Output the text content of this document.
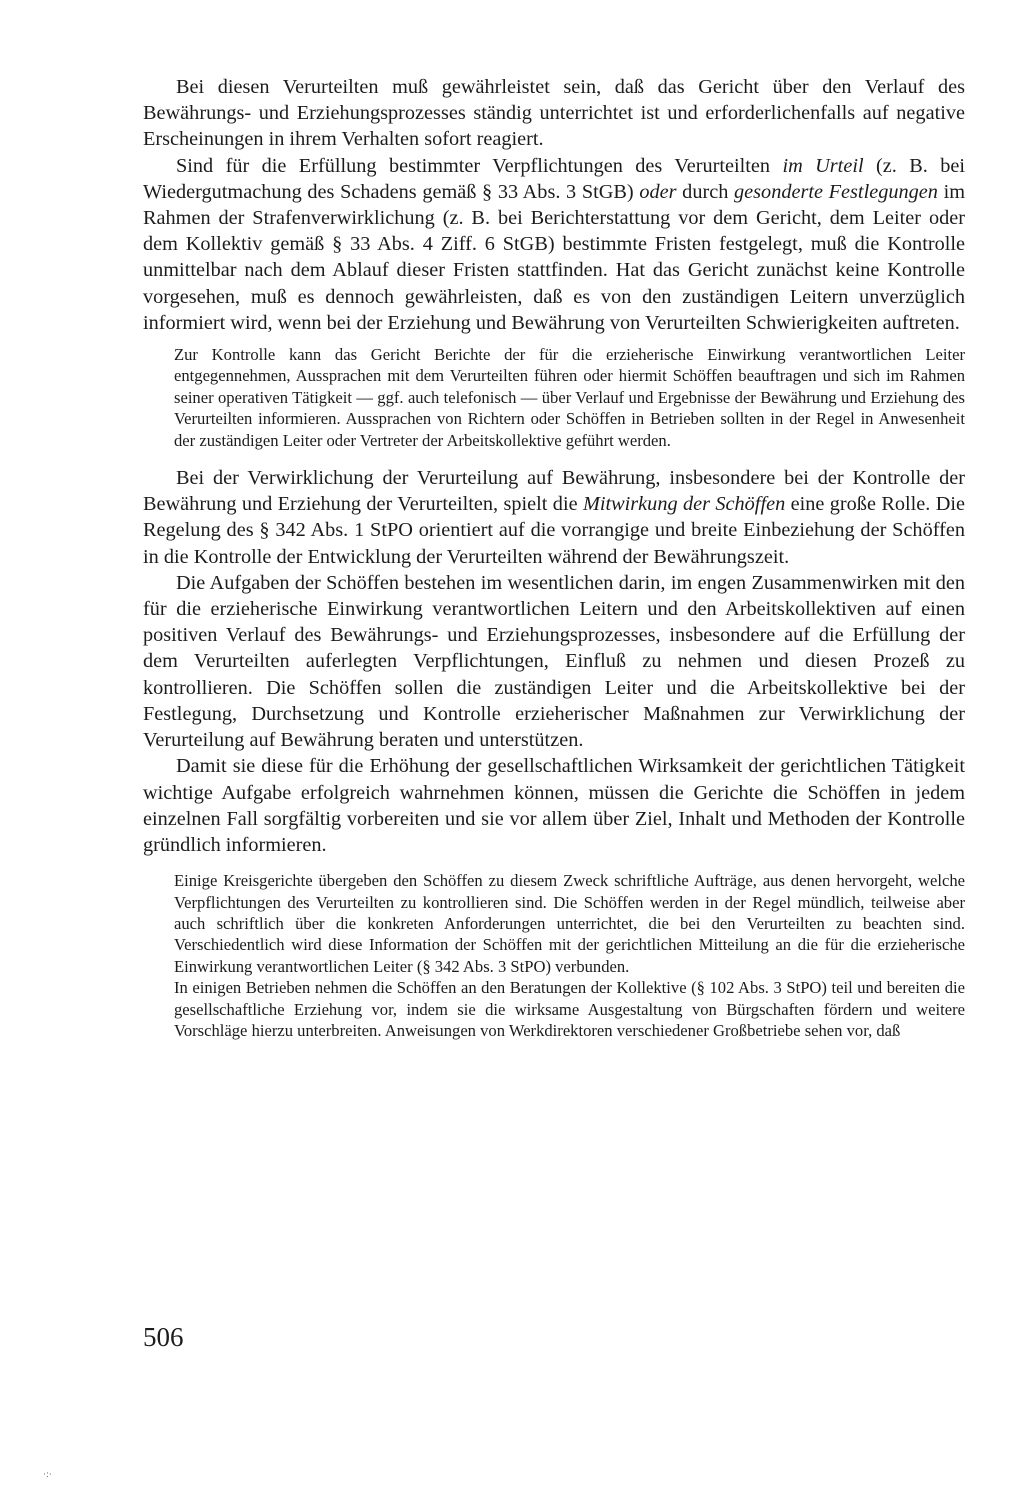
Bei diesen Verurteilten muß gewährleistet sein, daß das Gericht über den Verlauf des Bewährungs- und Erziehungsprozesses ständig unterrichtet ist und erforderlichenfalls auf negative Erscheinungen in ihrem Verhalten sofort reagiert.

Sind für die Erfüllung bestimmter Verpflichtungen des Verurteilten im Urteil (z. B. bei Wiedergutmachung des Schadens gemäß § 33 Abs. 3 StGB) oder durch gesonderte Festlegungen im Rahmen der Strafenverwirklichung (z. B. bei Berichterstattung vor dem Gericht, dem Leiter oder dem Kollektiv gemäß § 33 Abs. 4 Ziff. 6 StGB) bestimmte Fristen festgelegt, muß die Kontrolle unmittelbar nach dem Ablauf dieser Fristen stattfinden. Hat das Gericht zunächst keine Kontrolle vorgesehen, muß es dennoch gewährleisten, daß es von den zuständigen Leitern unverzüglich informiert wird, wenn bei der Erziehung und Bewährung von Verurteilten Schwierigkeiten auftreten.

Zur Kontrolle kann das Gericht Berichte der für die erzieherische Einwirkung verantwortlichen Leiter entgegennehmen, Aussprachen mit dem Verurteilten führen oder hiermit Schöffen beauftragen und sich im Rahmen seiner operativen Tätigkeit — ggf. auch telefonisch — über Verlauf und Ergebnisse der Bewährung und Erziehung des Verurteilten informieren. Aussprachen von Richtern oder Schöffen in Betrieben sollten in der Regel in Anwesenheit der zuständigen Leiter oder Vertreter der Arbeitskollektive geführt werden.

Bei der Verwirklichung der Verurteilung auf Bewährung, insbesondere bei der Kontrolle der Bewährung und Erziehung der Verurteilten, spielt die Mitwirkung der Schöffen eine große Rolle. Die Regelung des § 342 Abs. 1 StPO orientiert auf die vorrangige und breite Einbeziehung der Schöffen in die Kontrolle der Entwicklung der Verurteilten während der Bewährungszeit.

Die Aufgaben der Schöffen bestehen im wesentlichen darin, im engen Zusammenwirken mit den für die erzieherische Einwirkung verantwortlichen Leitern und den Arbeitskollektiven auf einen positiven Verlauf des Bewährungs- und Erziehungsprozesses, insbesondere auf die Erfüllung der dem Verurteilten auferlegten Verpflichtungen, Einfluß zu nehmen und diesen Prozeß zu kontrollieren. Die Schöffen sollen die zuständigen Leiter und die Arbeitskollektive bei der Festlegung, Durchsetzung und Kontrolle erzieherischer Maßnahmen zur Verwirklichung der Verurteilung auf Bewährung beraten und unterstützen.

Damit sie diese für die Erhöhung der gesellschaftlichen Wirksamkeit der gerichtlichen Tätigkeit wichtige Aufgabe erfolgreich wahrnehmen können, müssen die Gerichte die Schöffen in jedem einzelnen Fall sorgfältig vorbereiten und sie vor allem über Ziel, Inhalt und Methoden der Kontrolle gründlich informieren.

Einige Kreisgerichte übergeben den Schöffen zu diesem Zweck schriftliche Aufträge, aus denen hervorgeht, welche Verpflichtungen des Verurteilten zu kontrollieren sind. Die Schöffen werden in der Regel mündlich, teilweise aber auch schriftlich über die konkreten Anforderungen unterrichtet, die bei den Verurteilten zu beachten sind. Verschiedentlich wird diese Information der Schöffen mit der gerichtlichen Mitteilung an die für die erzieherische Einwirkung verantwortlichen Leiter (§ 342 Abs. 3 StPO) verbunden.

In einigen Betrieben nehmen die Schöffen an den Beratungen der Kollektive (§ 102 Abs. 3 StPO) teil und bereiten die gesellschaftliche Erziehung vor, indem sie die wirksame Ausgestaltung von Bürgschaften fördern und weitere Vorschläge hierzu unterbreiten. Anweisungen von Werkdirektoren verschiedener Großbetriebe sehen vor, daß

506
·:·
